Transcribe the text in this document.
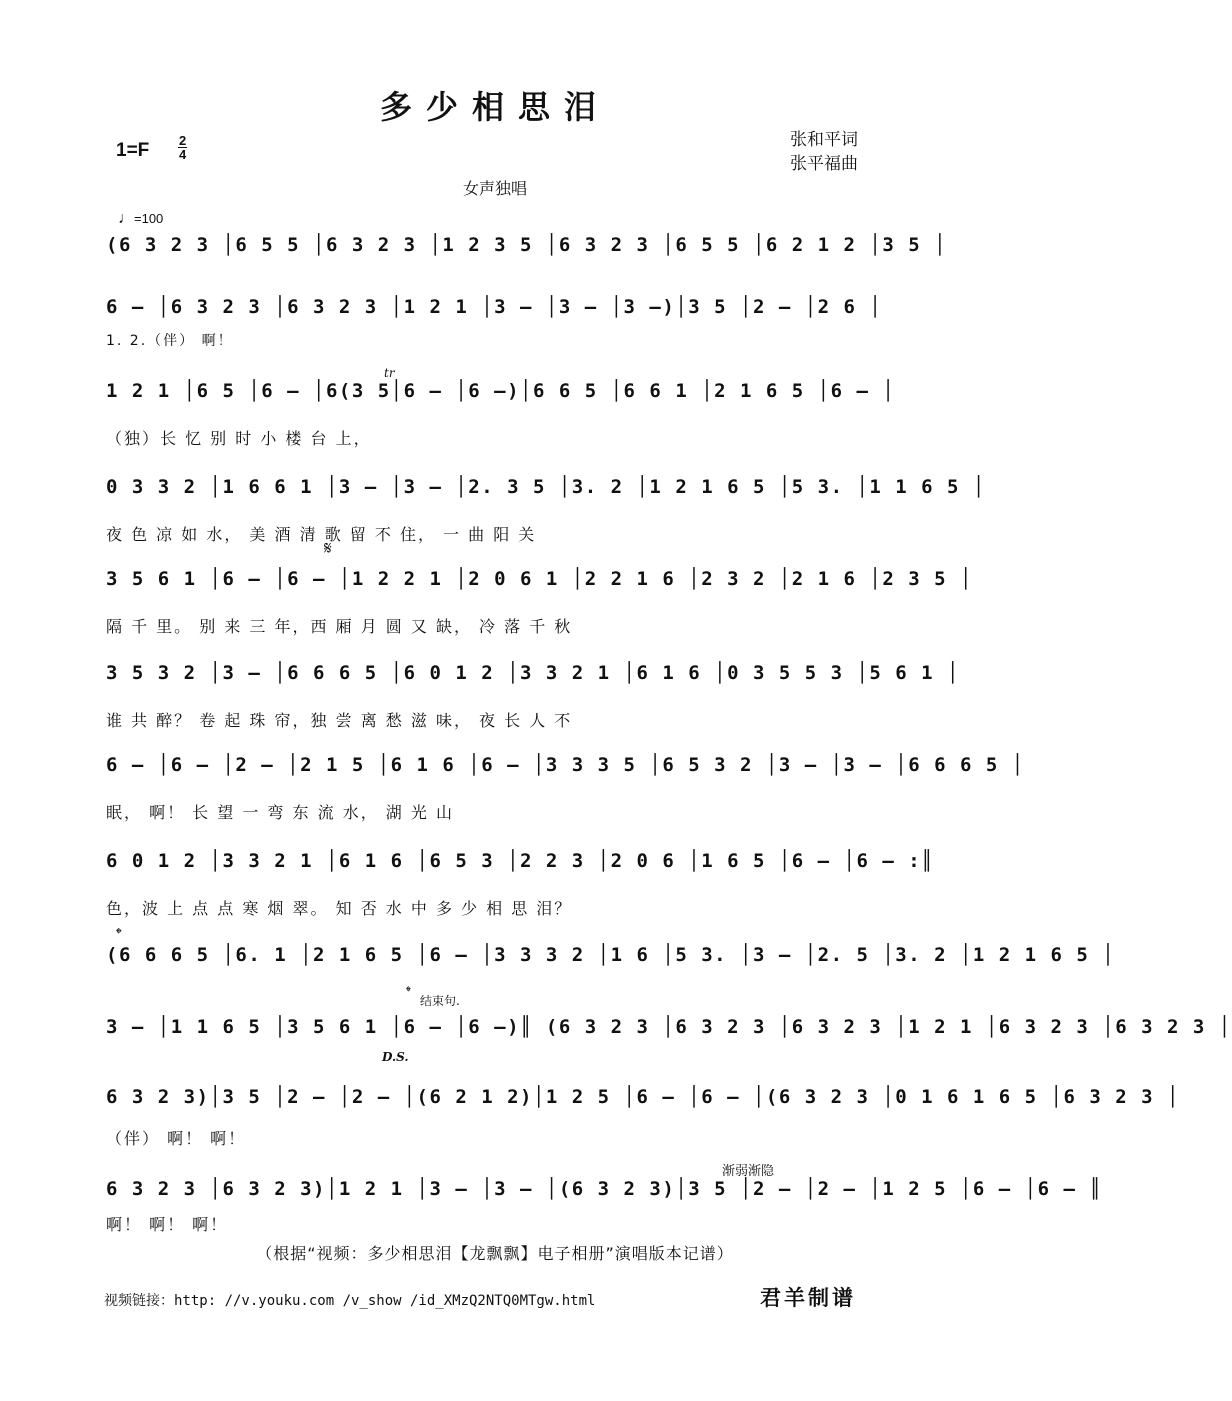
多少相思泪
1=F 2
4
张和平词
张平福曲
女声独唱
♩=100
(6 3 2 3 │6 5 5 │6 3 2 3 │1 2 3 5 │6 3 2 3 │6 5 5 │6 2 1 2 │3 5 │
6 – │6 3 2 3 │6 3 2 3 │1 2 1 │3 – │3 – │3 –)│3 5 │2 – │2 6 │
1. 2.（伴） 啊！
1 2 1 │6 5 │6 – │6(3 5│6 – │6 –)│6 6 5 │6 6 1 │2 1 6 5 │6 – │
（独）长 忆 别 时 小 楼 台 上，
tr
0 3 3 2 │1 6 6 1 │3 – │3 – │2. 3 5 │3. 2 │1 2 1 6 5 │5 3. │1 1 6 5 │
夜 色 凉 如 水， 美 酒 清 歌 留 不 住， 一 曲 阳 关
𝄋
3 5 6 1 │6 – │6 – │1 2 2 1 │2 0 6 1 │2 2 1 6 │2 3 2 │2 1 6 │2 3 5 │
隔 千 里。 别 来 三 年，西 厢 月 圆 又 缺， 冷 落 千 秋
3 5 3 2 │3 – │6 6 6 5 │6 0 1 2 │3 3 2 1 │6 1 6 │0 3 5 5 3 │5 6 1 │
谁 共 醉？ 卷 起 珠 帘，独 尝 离 愁 滋 味， 夜 长 人 不
6 – │6 – │2 – │2 1 5 │6 1 6 │6 – │3 3 3 5 │6 5 3 2 │3 – │3 – │6 6 6 5 │
眠， 啊！ 长 望 一 弯 东 流 水， 湖 光 山
6 0 1 2 │3 3 2 1 │6 1 6 │6 5 3 │2 2 3 │2 0 6 │1 6 5 │6 – │6 – :║
色，波 上 点 点 寒 烟 翠。 知 否 水 中 多 少 相 思 泪？
𝄌
(6 6 6 5 │6. 1 │2 1 6 5 │6 – │3 3 3 2 │1 6 │5 3. │3 – │2. 5 │3. 2 │1 2 1 6 5 │
𝄌
结束句.
3 – │1 1 6 5 │3 5 6 1 │6 – │6 –)║ (6 3 2 3 │6 3 2 3 │6 3 2 3 │1 2 1 │6 3 2 3 │6 3 2 3 │
D.S.
6 3 2 3)│3 5 │2 – │2 – │(6 2 1 2)│1 2 5 │6 – │6 – │(6 3 2 3 │0 1 6 1 6 5 │6 3 2 3 │
（伴） 啊！ 啊！
渐弱渐隐
6 3 2 3 │6 3 2 3)│1 2 1 │3 – │3 – │(6 3 2 3)│3 5 │2 – │2 – │1 2 5 │6 – │6 – ║
啊！ 啊！ 啊！
（根据“视频：多少相思泪【龙飘飘】电子相册”演唱版本记谱）
视频链接：http: //v.youku.com /v_show /id_XMzQ2NTQ0MTgw.html	君羊制谱
